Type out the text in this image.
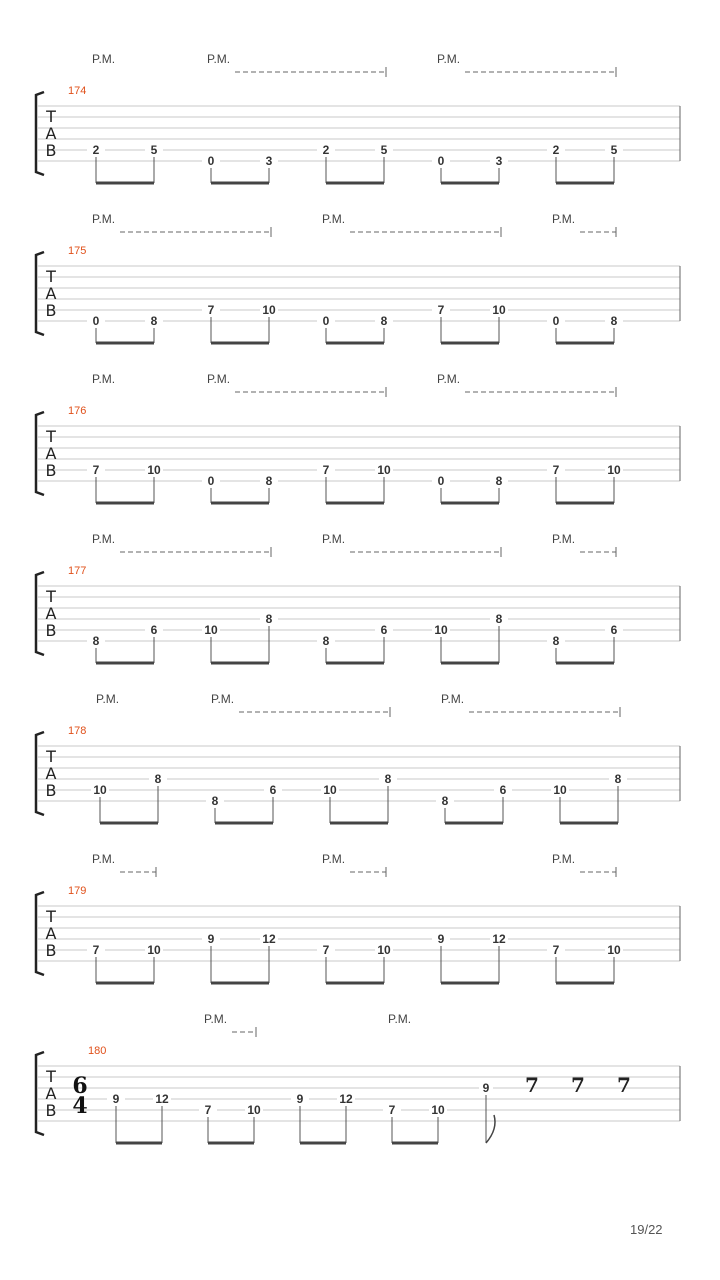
T
A
B
174
2	5
0	3
2	5
0	3
2	5
P.M.	P.M.	P.M.
T
A
B
175
0	8
7	10
0	8
7	10
0	8
P.M.	P.M.	P.M.
T
A
B
176
7	10
0	8
7	10
0	8
7	10
P.M.	P.M.	P.M.
T
A
B
177
8
6	10
8
8
6	10
8
8
6
P.M.	P.M.	P.M.
T
A
B
178
10
8
8
6	10
8
8
6	10
8
P.M.	P.M.	P.M.
T
A
B
179
7	10
9	12
7	10
9	12
7	10
P.M.	P.M.	P.M.
T
A
B
180
6
4 9	12
7	10
9	12
7	10
9 7 7 7
P.M.	P.M.
19/22
